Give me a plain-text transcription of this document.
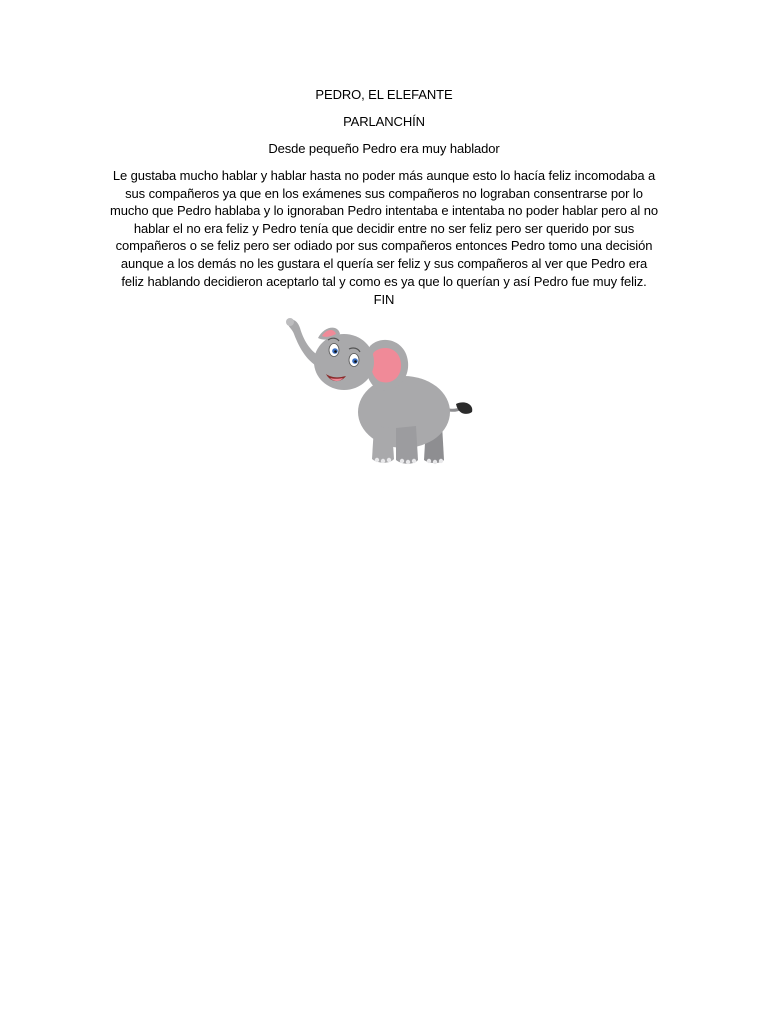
PEDRO, EL ELEFANTE
PARLANCHÍN
Desde pequeño Pedro era muy hablador
Le gustaba mucho hablar y hablar hasta no poder más aunque esto lo hacía feliz incomodaba a sus compañeros ya que en los exámenes sus compañeros no lograban consentrarse por lo mucho que Pedro hablaba y lo ignoraban Pedro intentaba e intentaba no poder hablar pero al no hablar el no era feliz y Pedro tenía que decidir entre no ser feliz pero ser querido por sus compañeros o se feliz pero ser odiado por sus compañeros entonces Pedro tomo una decisión aunque a los demás no les gustara el quería ser feliz y sus compañeros al ver que Pedro era feliz hablando decidieron aceptarlo tal y como es ya que lo querían y así Pedro fue muy feliz.
FIN
